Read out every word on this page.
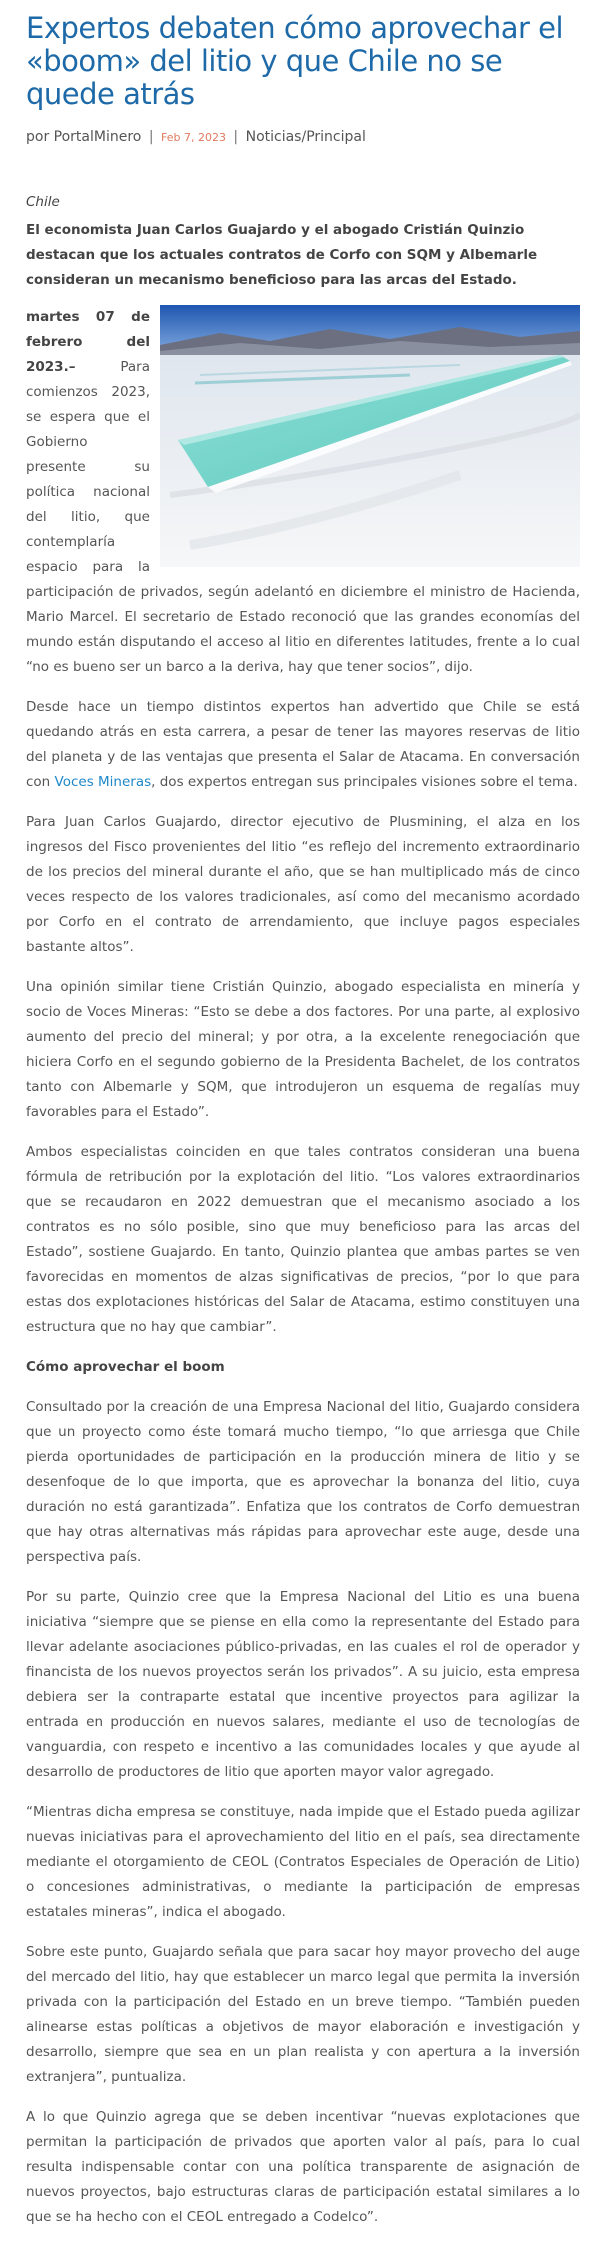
Expertos debaten cómo aprovechar el «boom» del litio y que Chile no se quede atrás
por PortalMinero | Feb 7, 2023 | Noticias/Principal
Chile
El economista Juan Carlos Guajardo y el abogado Cristián Quinzio destacan que los actuales contratos de Corfo con SQM y Albemarle consideran un mecanismo beneficioso para las arcas del Estado.

martes 07 de febrero del 2023.– Para comienzos 2023, se espera que el Gobierno presente su política nacional del litio, que contemplaría espacio para la participación de privados, según adelantó en diciembre el ministro de Hacienda, Mario Marcel. El secretario de Estado reconoció que las grandes economías del mundo están disputando el acceso al litio en diferentes latitudes, frente a lo cual “no es bueno ser un barco a la deriva, hay que tener socios”, dijo.

Desde hace un tiempo distintos expertos han advertido que Chile se está quedando atrás en esta carrera, a pesar de tener las mayores reservas de litio del planeta y de las ventajas que presenta el Salar de Atacama. En conversación con Voces Mineras, dos expertos entregan sus principales visiones sobre el tema.

Para Juan Carlos Guajardo, director ejecutivo de Plusmining, el alza en los ingresos del Fisco provenientes del litio “es reflejo del incremento extraordinario de los precios del mineral durante el año, que se han multiplicado más de cinco veces respecto de los valores tradicionales, así como del mecanismo acordado por Corfo en el contrato de arrendamiento, que incluye pagos especiales bastante altos”.

Una opinión similar tiene Cristián Quinzio, abogado especialista en minería y socio de Voces Mineras: “Esto se debe a dos factores. Por una parte, al explosivo aumento del precio del mineral; y por otra, a la excelente renegociación que hiciera Corfo en el segundo gobierno de la Presidenta Bachelet, de los contratos tanto con Albemarle y SQM, que introdujeron un esquema de regalías muy favorables para el Estado”.

Ambos especialistas coinciden en que tales contratos consideran una buena fórmula de retribución por la explotación del litio. “Los valores extraordinarios que se recaudaron en 2022 demuestran que el mecanismo asociado a los contratos es no sólo posible, sino que muy beneficioso para las arcas del Estado”, sostiene Guajardo. En tanto, Quinzio plantea que ambas partes se ven favorecidas en momentos de alzas significativas de precios, “por lo que para estas dos explotaciones históricas del Salar de Atacama, estimo constituyen una estructura que no hay que cambiar”.

Cómo aprovechar el boom

Consultado por la creación de una Empresa Nacional del litio, Guajardo considera que un proyecto como éste tomará mucho tiempo, “lo que arriesga que Chile pierda oportunidades de participación en la producción minera de litio y se desenfoque de lo que importa, que es aprovechar la bonanza del litio, cuya duración no está garantizada”. Enfatiza que los contratos de Corfo demuestran que hay otras alternativas más rápidas para aprovechar este auge, desde una perspectiva país.

Por su parte, Quinzio cree que la Empresa Nacional del Litio es una buena iniciativa “siempre que se piense en ella como la representante del Estado para llevar adelante asociaciones público-privadas, en las cuales el rol de operador y financista de los nuevos proyectos serán los privados”. A su juicio, esta empresa debiera ser la contraparte estatal que incentive proyectos para agilizar la entrada en producción en nuevos salares, mediante el uso de tecnologías de vanguardia, con respeto e incentivo a las comunidades locales y que ayude al desarrollo de productores de litio que aporten mayor valor agregado.

“Mientras dicha empresa se constituye, nada impide que el Estado pueda agilizar nuevas iniciativas para el aprovechamiento del litio en el país, sea directamente mediante el otorgamiento de CEOL (Contratos Especiales de Operación de Litio) o concesiones administrativas, o mediante la participación de empresas estatales mineras”, indica el abogado.

Sobre este punto, Guajardo señala que para sacar hoy mayor provecho del auge del mercado del litio, hay que establecer un marco legal que permita la inversión privada con la participación del Estado en un breve tiempo. “También pueden alinearse estas políticas a objetivos de mayor elaboración e investigación y desarrollo, siempre que sea en un plan realista y con apertura a la inversión extranjera”, puntualiza.

A lo que Quinzio agrega que se deben incentivar “nuevas explotaciones que permitan la participación de privados que aporten valor al país, para lo cual resulta indispensable contar con una política transparente de asignación de nuevos proyectos, bajo estructuras claras de participación estatal similares a lo que se ha hecho con el CEOL entregado a Codelco”.
